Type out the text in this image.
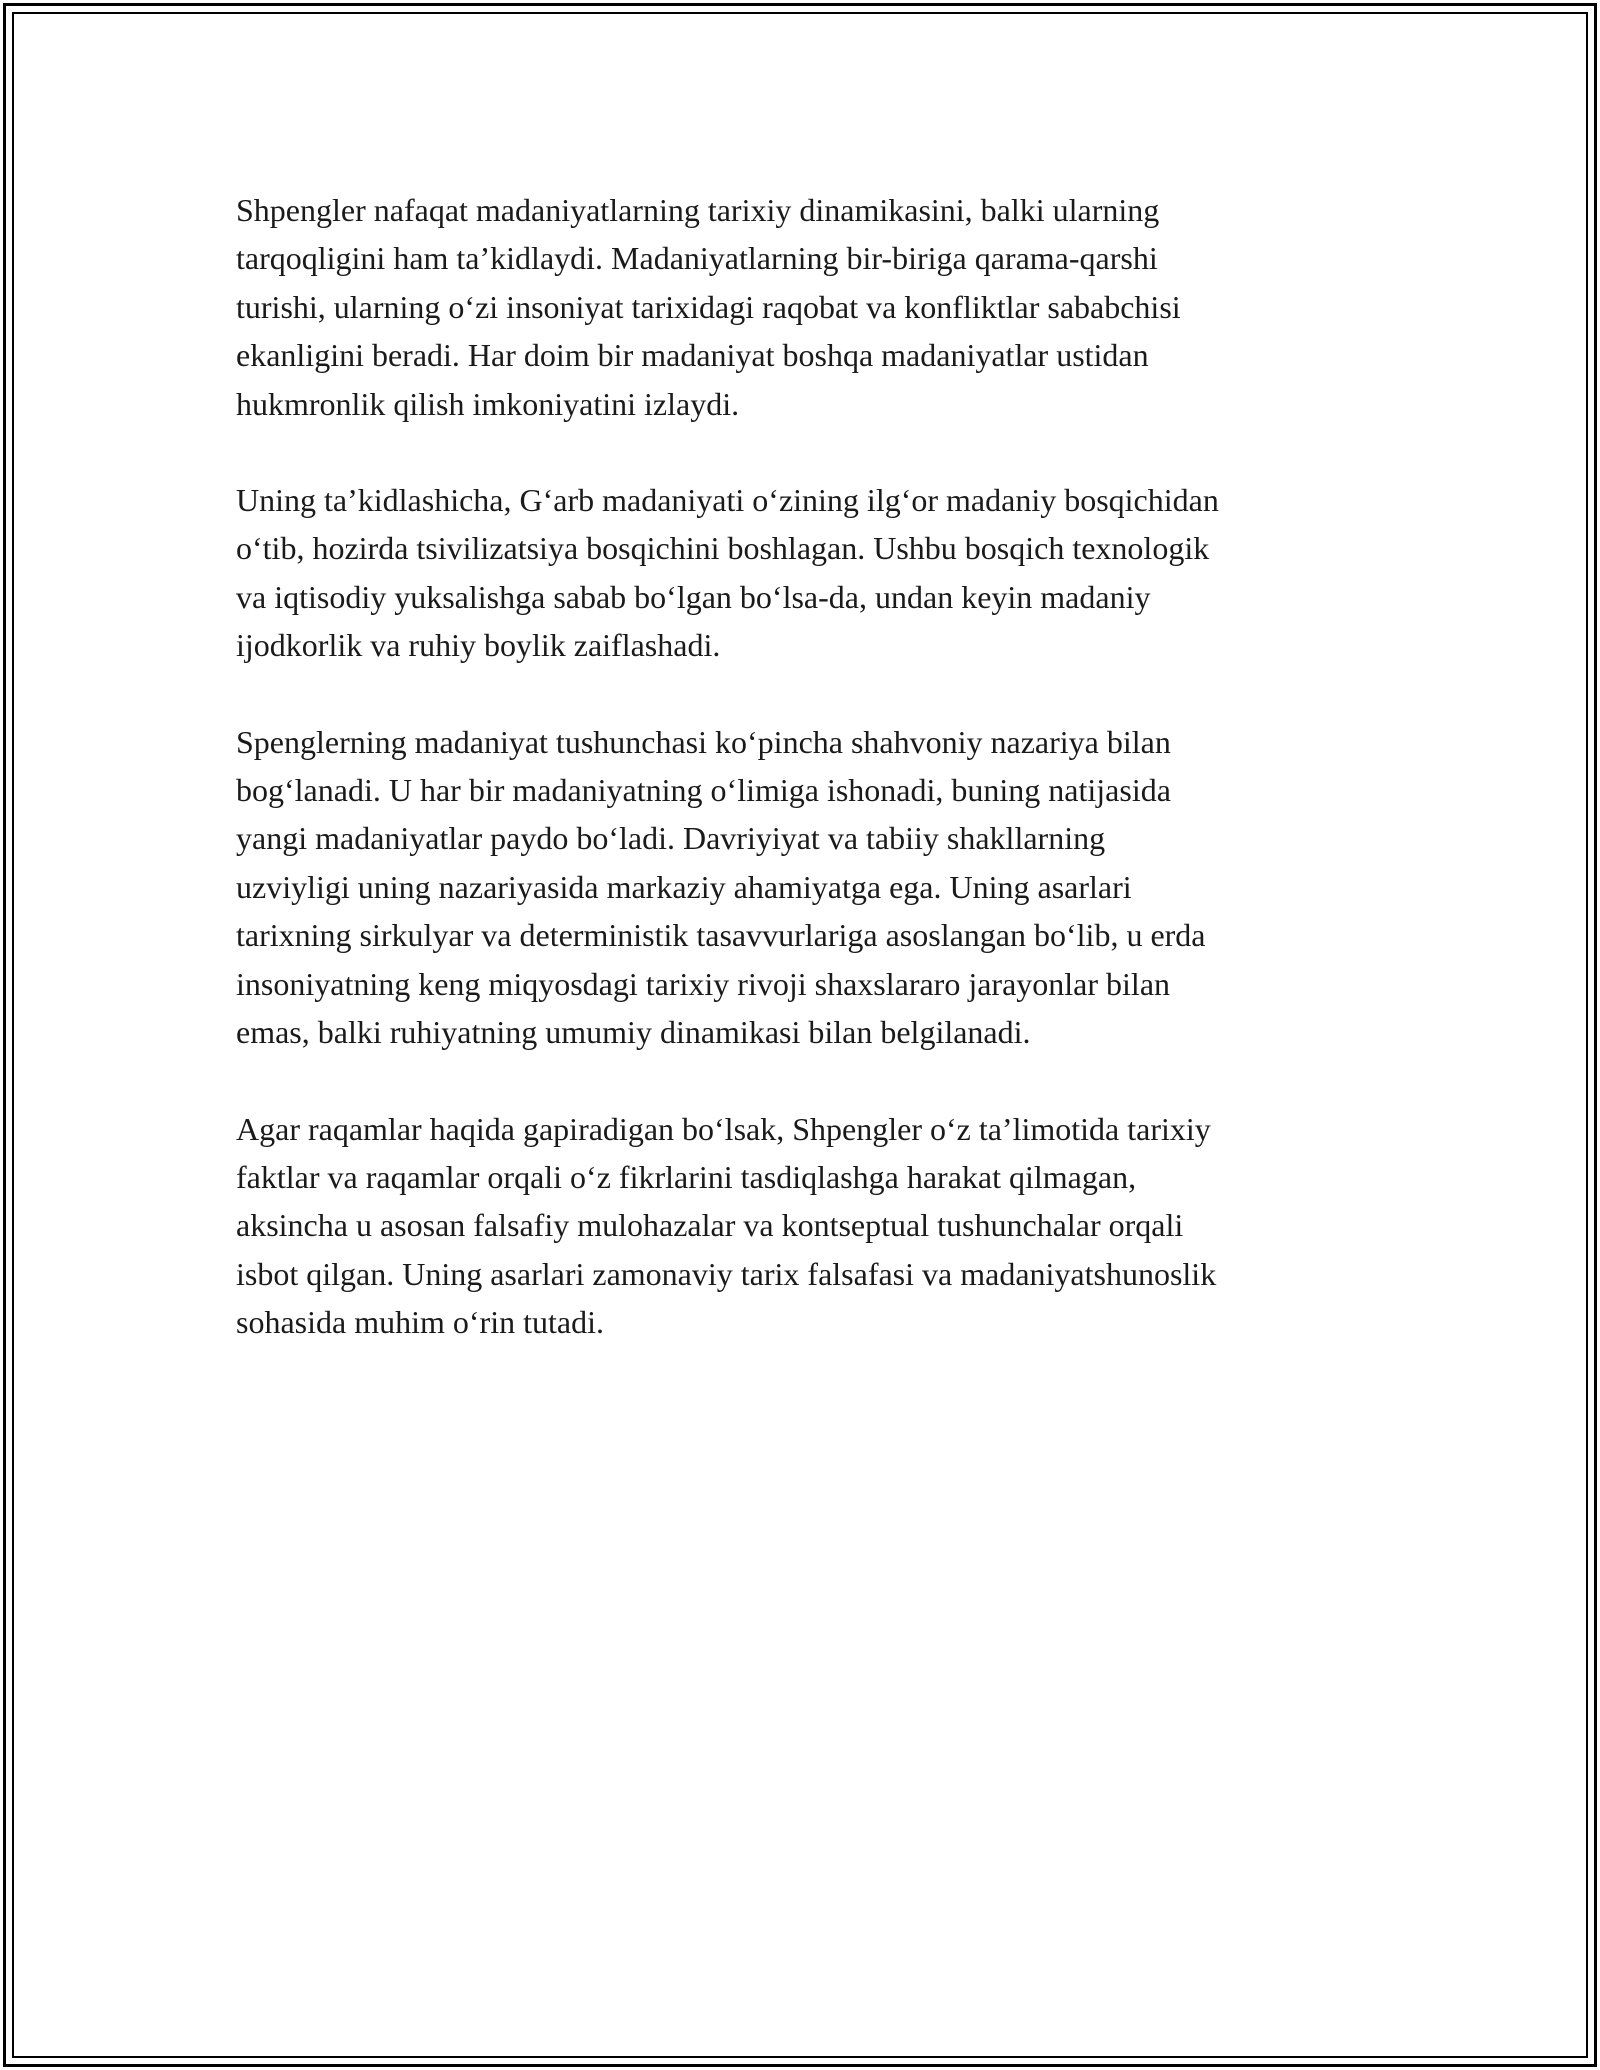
Shpengler nafaqat madaniyatlarning tarixiy dinamikasini, balki ularning
tarqoqligini ham ta’kidlaydi. Madaniyatlarning bir-biriga qarama-qarshi
turishi, ularning o‘zi insoniyat tarixidagi raqobat va konfliktlar sababchisi
ekanligini beradi. Har doim bir madaniyat boshqa madaniyatlar ustidan
hukmronlik qilish imkoniyatini izlaydi.

Uning ta’kidlashicha, G‘arb madaniyati o‘zining ilg‘or madaniy bosqichidan
o‘tib, hozirda tsivilizatsiya bosqichini boshlagan. Ushbu bosqich texnologik
va iqtisodiy yuksalishga sabab bo‘lgan bo‘lsa-da, undan keyin madaniy
ijodkorlik va ruhiy boylik zaiflashadi.

Spenglerning madaniyat tushunchasi ko‘pincha shahvoniy nazariya bilan
bog‘lanadi. U har bir madaniyatning o‘limiga ishonadi, buning natijasida
yangi madaniyatlar paydo bo‘ladi. Davriyiyat va tabiiy shakllarning
uzviyligi uning nazariyasida markaziy ahamiyatga ega. Uning asarlari
tarixning sirkulyar va deterministik tasavvurlariga asoslangan bo‘lib, u erda
insoniyatning keng miqyosdagi tarixiy rivoji shaxslararo jarayonlar bilan
emas, balki ruhiyatning umumiy dinamikasi bilan belgilanadi.

Agar raqamlar haqida gapiradigan bo‘lsak, Shpengler o‘z ta’limotida tarixiy
faktlar va raqamlar orqali o‘z fikrlarini tasdiqlashga harakat qilmagan,
aksincha u asosan falsafiy mulohazalar va kontseptual tushunchalar orqali
isbot qilgan. Uning asarlari zamonaviy tarix falsafasi va madaniyatshunoslik
sohasida muhim o‘rin tutadi.
